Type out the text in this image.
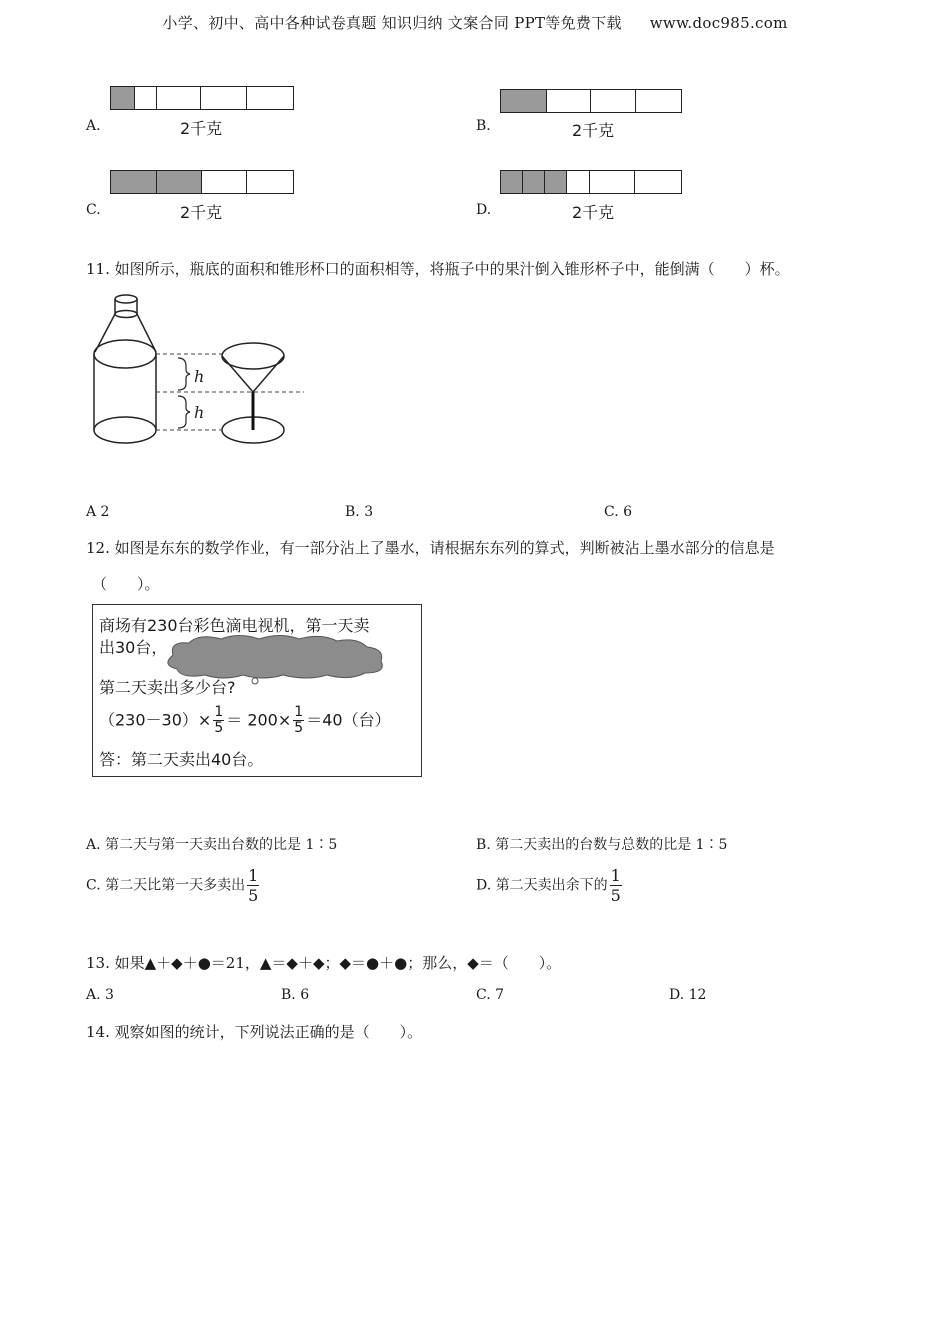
小学、初中、高中各种试卷真题 知识归纳 文案合同 PPT等免费下载 www.doc985.com
A.	2千克	B.	2千克
C.	2千克	D.	2千克
11. 如图所示，瓶底的面积和锥形杯口的面积相等，将瓶子中的果汁倒入锥形杯子中，能倒满（　　）杯。
h
h
A 2	B. 3	C. 6
12. 如图是东东的数学作业，有一部分沾上了墨水，请根据东东列的算式，判断被沾上墨水部分的信息是
（　　）。
商场有230台彩色滴电视机，第一天卖
出30台，
第二天卖出多少台?
$(230-30)\times \frac{1}{5} = 200\times \frac{1}{5} =40$（台）
答：第二天卖出40台。
A. 第二天与第一天卖出台数的比是 1∶5	B. 第二天卖出的台数与总数的比是 1∶5
C. 第二天比第一天多卖出 $\frac{1}{5}$	D. 第二天卖出余下的 $\frac{1}{5}$
13. 如果▲＋◆＋●＝21，▲＝◆＋◆；◆＝●＋●；那么，◆＝（　　）。
A. 3	B. 6	C. 7	D. 12
14. 观察如图的统计，下列说法正确的是（　　）。
